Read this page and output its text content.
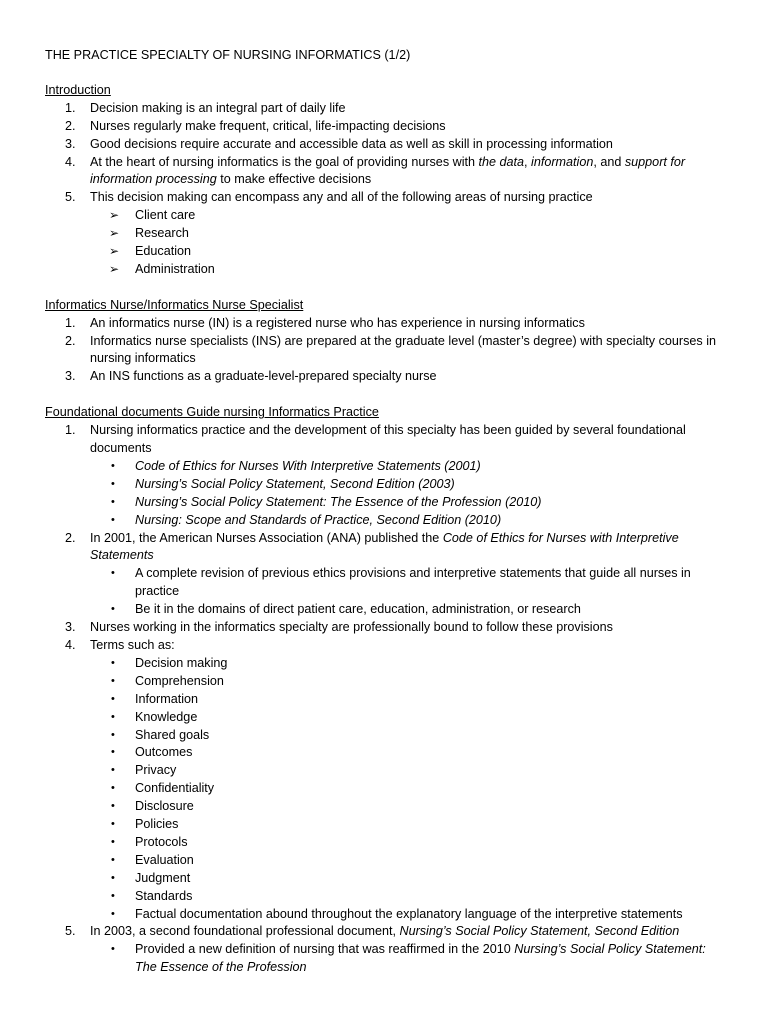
THE PRACTICE SPECIALTY OF NURSING INFORMATICS (1/2)
Introduction
1. Decision making is an integral part of daily life
2. Nurses regularly make frequent, critical, life-impacting decisions
3. Good decisions require accurate and accessible data as well as skill in processing information
4. At the heart of nursing informatics is the goal of providing nurses with the data, information, and support for information processing to make effective decisions
5. This decision making can encompass any and all of the following areas of nursing practice
➢ Client care
➢ Research
➢ Education
➢ Administration
Informatics Nurse/Informatics Nurse Specialist
1. An informatics nurse (IN) is a registered nurse who has experience in nursing informatics
2. Informatics nurse specialists (INS) are prepared at the graduate level (master’s degree) with specialty courses in nursing informatics
3. An INS functions as a graduate-level-prepared specialty nurse
Foundational documents Guide nursing Informatics Practice
1. Nursing informatics practice and the development of this specialty has been guided by several foundational documents
• Code of Ethics for Nurses With Interpretive Statements (2001)
• Nursing’s Social Policy Statement, Second Edition (2003)
• Nursing’s Social Policy Statement: The Essence of the Profession (2010)
• Nursing: Scope and Standards of Practice, Second Edition (2010)
2. In 2001, the American Nurses Association (ANA) published the Code of Ethics for Nurses with Interpretive Statements
• A complete revision of previous ethics provisions and interpretive statements that guide all nurses in practice
• Be it in the domains of direct patient care, education, administration, or research
3. Nurses working in the informatics specialty are professionally bound to follow these provisions
4. Terms such as:
• Decision making
• Comprehension
• Information
• Knowledge
• Shared goals
• Outcomes
• Privacy
• Confidentiality
• Disclosure
• Policies
• Protocols
• Evaluation
• Judgment
• Standards
• Factual documentation abound throughout the explanatory language of the interpretive statements
5. In 2003, a second foundational professional document, Nursing’s Social Policy Statement, Second Edition
• Provided a new definition of nursing that was reaffirmed in the 2010 Nursing’s Social Policy Statement: The Essence of the Profession
